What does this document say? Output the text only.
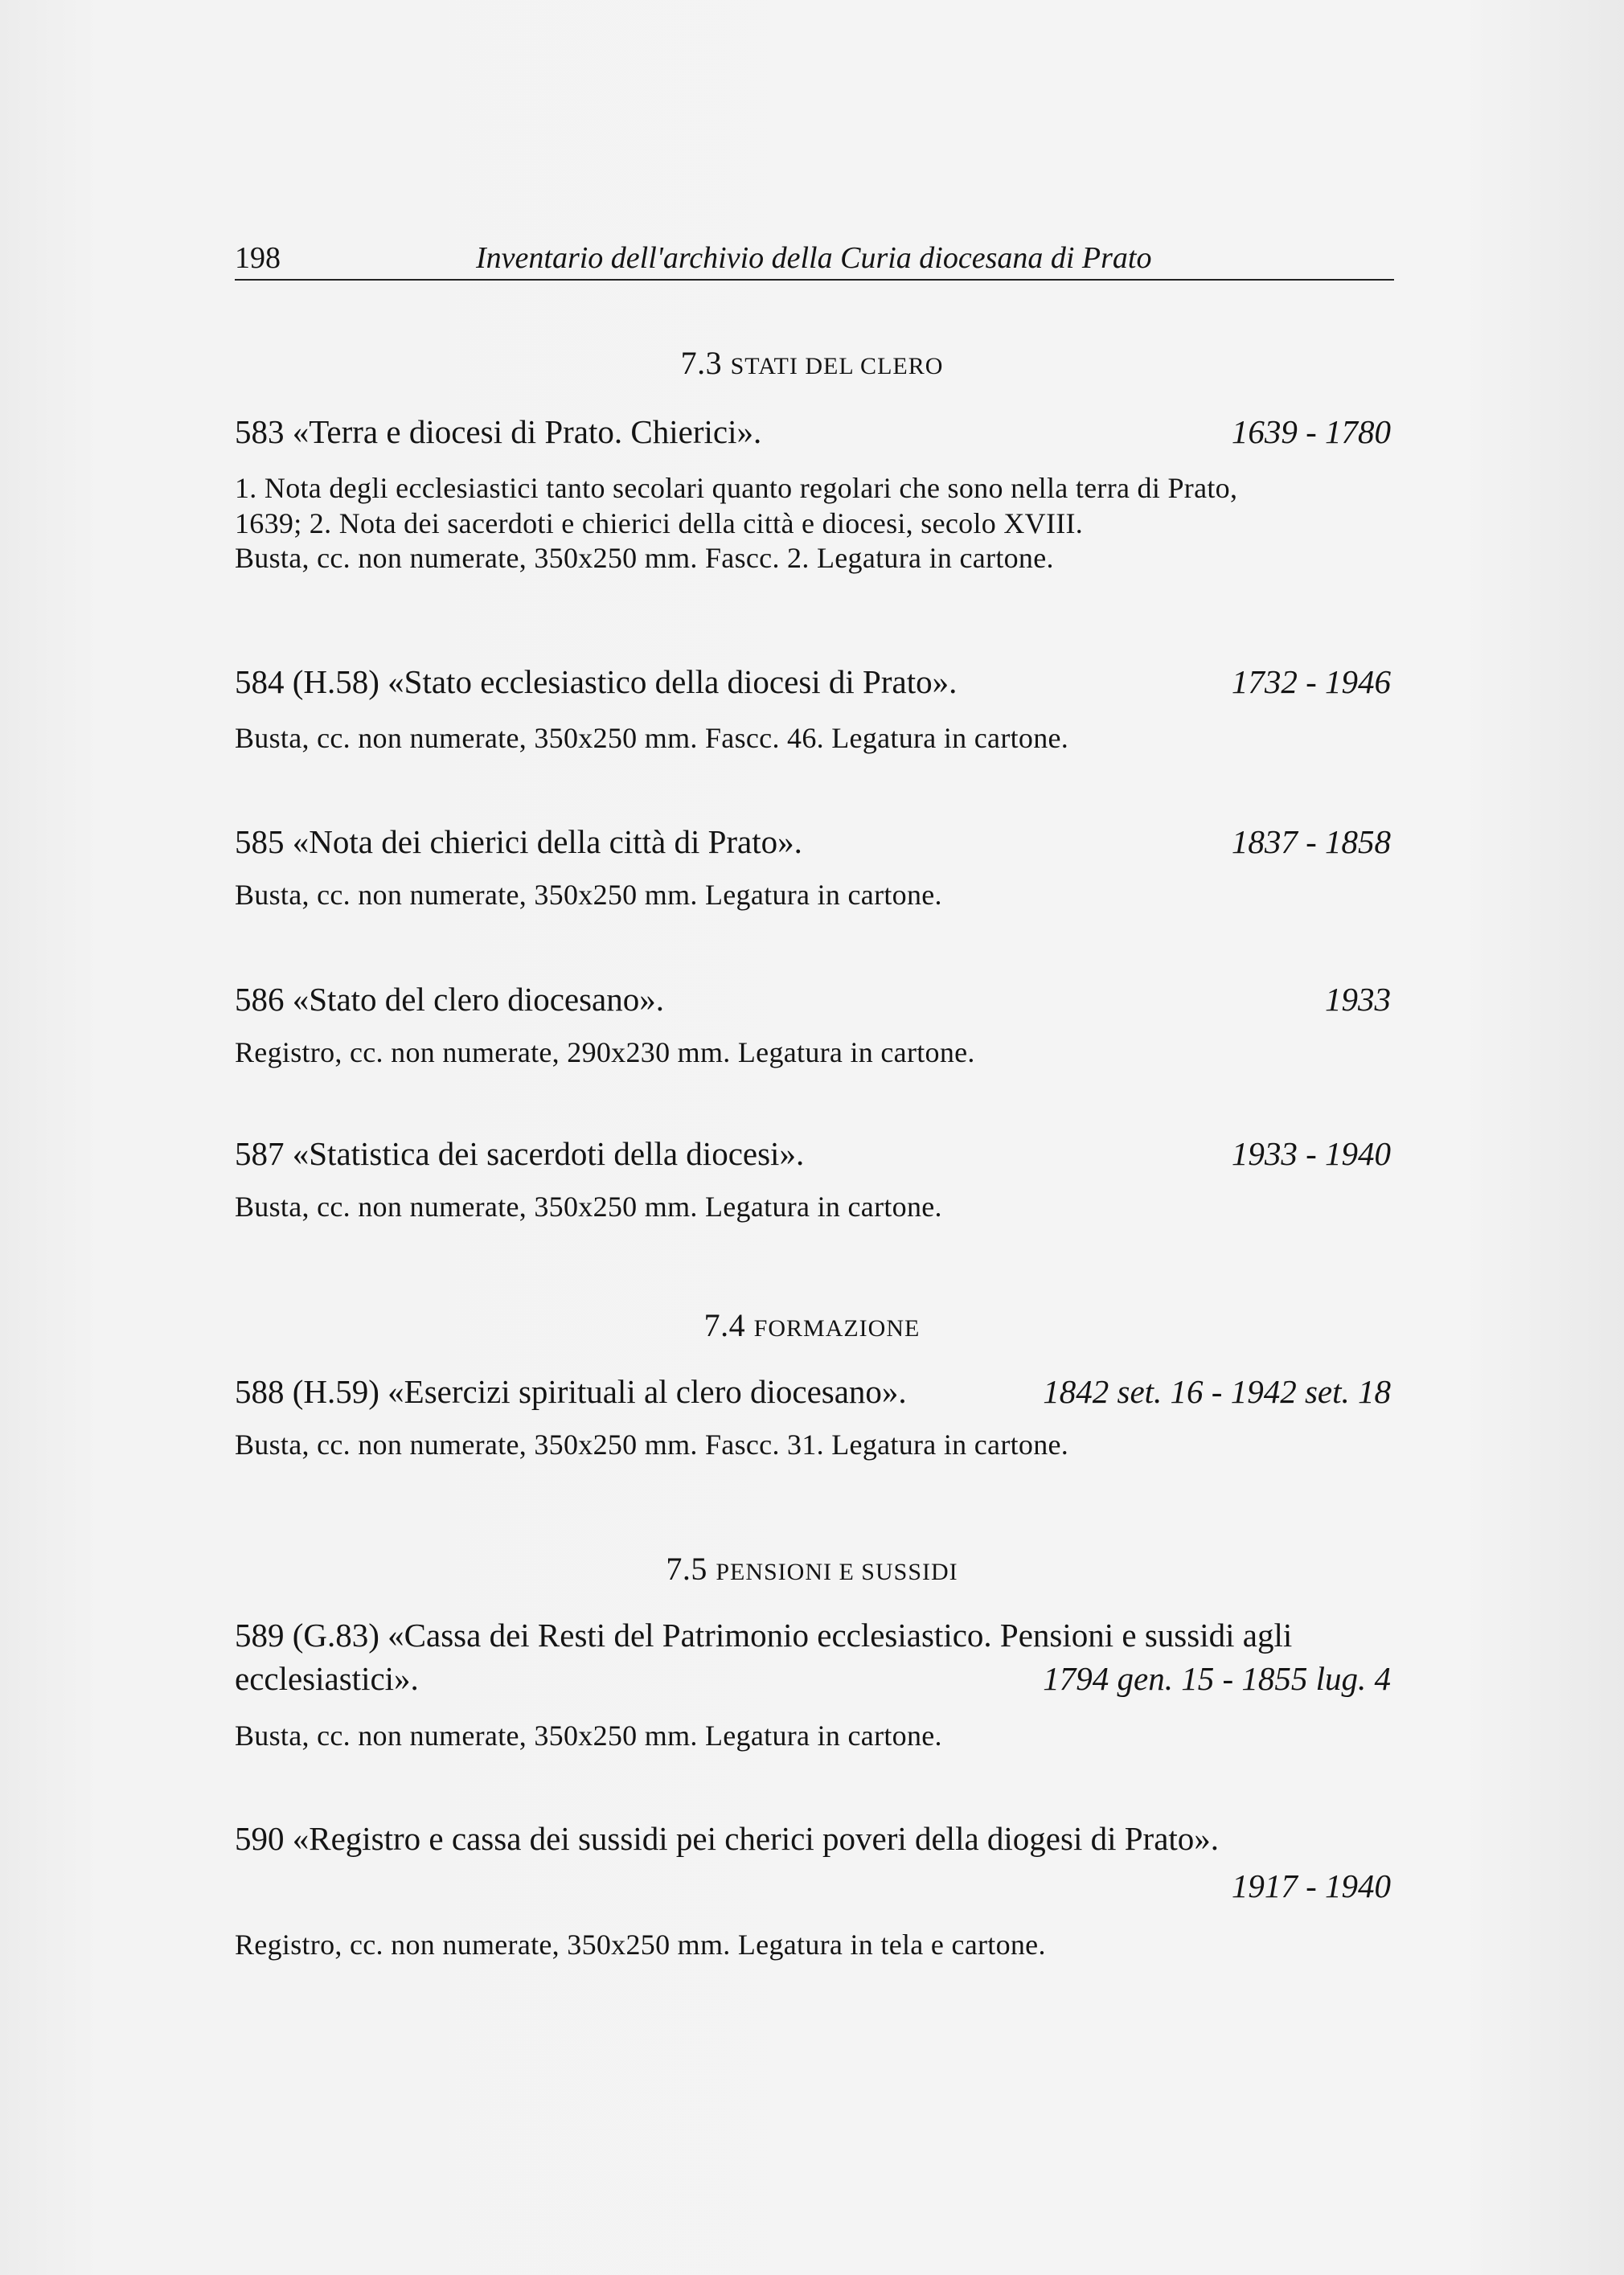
198	Inventario dell'archivio della Curia diocesana di Prato
7.3 STATI DEL CLERO
583 «Terra e diocesi di Prato. Chierici».	1639 - 1780
1. Nota degli ecclesiastici tanto secolari quanto regolari che sono nella terra di Prato,
1639; 2. Nota dei sacerdoti e chierici della città e diocesi, secolo XVIII.
Busta, cc. non numerate, 350x250 mm. Fascc. 2. Legatura in cartone.
584 (H.58) «Stato ecclesiastico della diocesi di Prato».	1732 - 1946
Busta, cc. non numerate, 350x250 mm. Fascc. 46. Legatura in cartone.
585 «Nota dei chierici della città di Prato».	1837 - 1858
Busta, cc. non numerate, 350x250 mm. Legatura in cartone.
586 «Stato del clero diocesano».	1933
Registro, cc. non numerate, 290x230 mm. Legatura in cartone.
587 «Statistica dei sacerdoti della diocesi».	1933 - 1940
Busta, cc. non numerate, 350x250 mm. Legatura in cartone.
7.4 FORMAZIONE
588 (H.59) «Esercizi spirituali al clero diocesano».	1842 set. 16 - 1942 set. 18
Busta, cc. non numerate, 350x250 mm. Fascc. 31. Legatura in cartone.
7.5 PENSIONI E SUSSIDI
589 (G.83) «Cassa dei Resti del Patrimonio ecclesiastico. Pensioni e sussidi agli
ecclesiastici».	1794 gen. 15 - 1855 lug. 4
Busta, cc. non numerate, 350x250 mm. Legatura in cartone.
590 «Registro e cassa dei sussidi pei cherici poveri della diogesi di Prato».
1917 - 1940
Registro, cc. non numerate, 350x250 mm. Legatura in tela e cartone.
